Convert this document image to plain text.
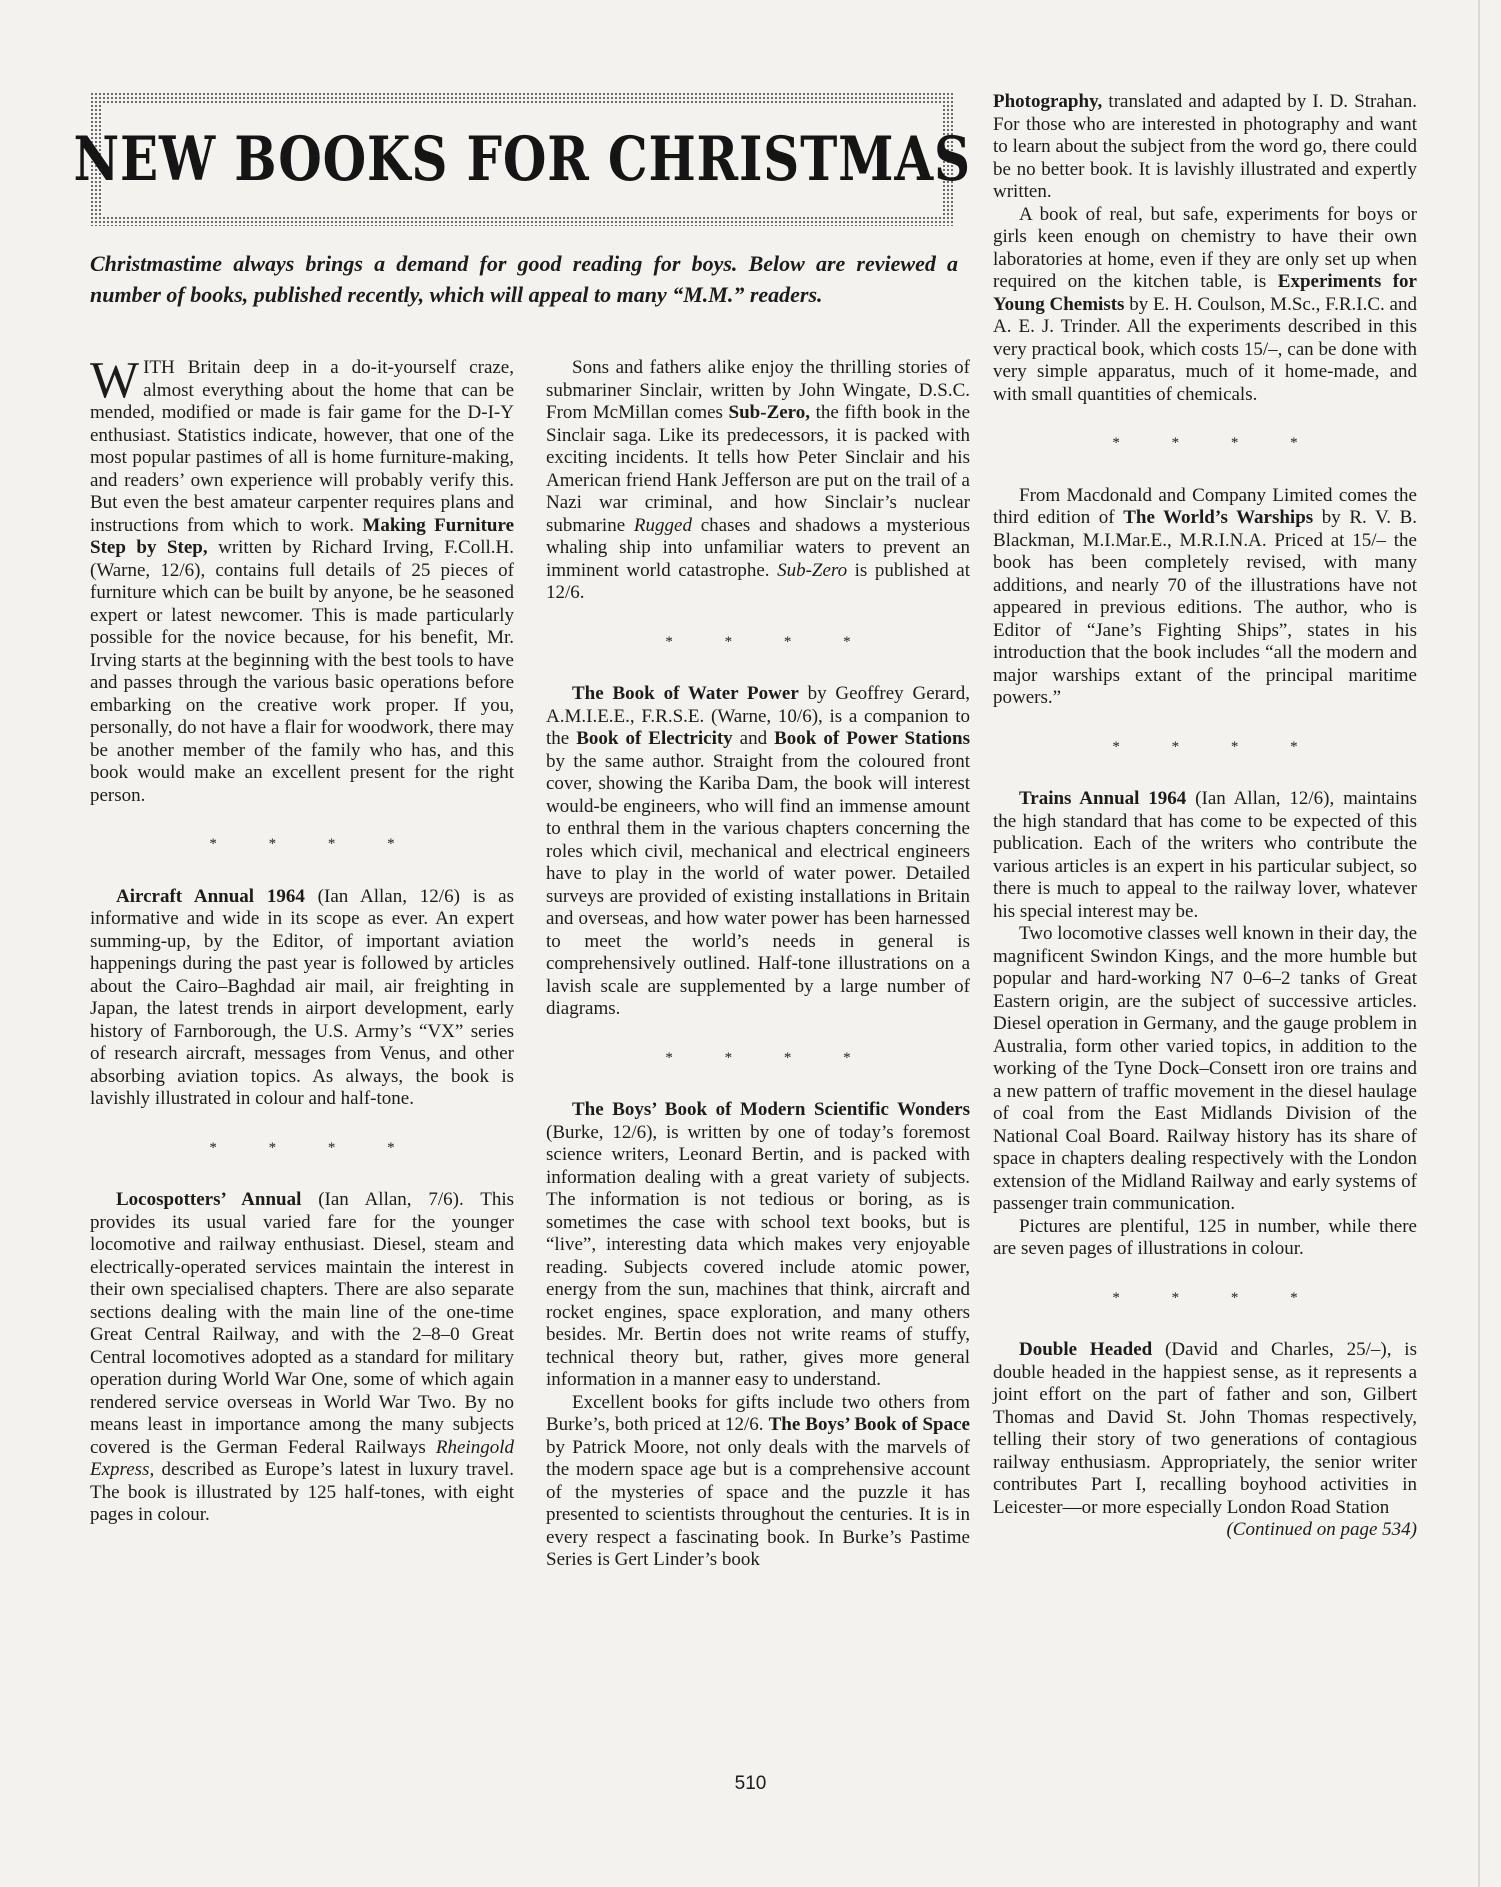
NEW BOOKS FOR CHRISTMAS
Christmastime always brings a demand for good reading for boys. Below are reviewed a number of books, published recently, which will appeal to many “M.M.” readers.

WITH Britain deep in a do-it-yourself craze, almost everything about the home that can be mended, modified or made is fair game for the D-I-Y enthusiast. Statistics indicate, however, that one of the most popular pastimes of all is home furniture-making, and readers’ own experience will probably verify this. But even the best amateur carpenter requires plans and instructions from which to work. Making Furniture Step by Step, written by Richard Irving, F.Coll.H. (Warne, 12/6), contains full details of 25 pieces of furniture which can be built by anyone, be he seasoned expert or latest newcomer. This is made particularly possible for the novice because, for his benefit, Mr. Irving starts at the beginning with the best tools to have and passes through the various basic operations before embarking on the creative work proper. If you, personally, do not have a flair for woodwork, there may be another member of the family who has, and this book would make an excellent present for the right person.

* * * *

Aircraft Annual 1964 (Ian Allan, 12/6) is as informative and wide in its scope as ever. An expert summing-up, by the Editor, of important aviation happenings during the past year is followed by articles about the Cairo–Baghdad air mail, air freighting in Japan, the latest trends in airport development, early history of Farnborough, the U.S. Army’s “VX” series of research aircraft, messages from Venus, and other absorbing aviation topics. As always, the book is lavishly illustrated in colour and half-tone.

* * * *

Locospotters’ Annual (Ian Allan, 7/6). This provides its usual varied fare for the younger locomotive and railway enthusiast. Diesel, steam and electrically-operated services maintain the interest in their own specialised chapters. There are also separate sections dealing with the main line of the one-time Great Central Railway, and with the 2–8–0 Great Central locomotives adopted as a standard for military operation during World War One, some of which again rendered service overseas in World War Two. By no means least in importance among the many subjects covered is the German Federal Railways Rheingold Express, described as Europe’s latest in luxury travel. The book is illustrated by 125 half-tones, with eight pages in colour.

Sons and fathers alike enjoy the thrilling stories of submariner Sinclair, written by John Wingate, D.S.C. From McMillan comes Sub-Zero, the fifth book in the Sinclair saga. Like its predecessors, it is packed with exciting incidents. It tells how Peter Sinclair and his American friend Hank Jefferson are put on the trail of a Nazi war criminal, and how Sinclair’s nuclear submarine Rugged chases and shadows a mysterious whaling ship into unfamiliar waters to prevent an imminent world catastrophe. Sub-Zero is published at 12/6.

* * * *

The Book of Water Power by Geoffrey Gerard, A.M.I.E.E., F.R.S.E. (Warne, 10/6), is a companion to the Book of Electricity and Book of Power Stations by the same author. Straight from the coloured front cover, showing the Kariba Dam, the book will interest would-be engineers, who will find an immense amount to enthral them in the various chapters concerning the roles which civil, mechanical and electrical engineers have to play in the world of water power. Detailed surveys are provided of existing installations in Britain and overseas, and how water power has been harnessed to meet the world’s needs in general is comprehensively outlined. Half-tone illustrations on a lavish scale are supplemented by a large number of diagrams.

* * * *

The Boys’ Book of Modern Scientific Wonders (Burke, 12/6), is written by one of today’s foremost science writers, Leonard Bertin, and is packed with information dealing with a great variety of subjects. The information is not tedious or boring, as is sometimes the case with school text books, but is “live”, interesting data which makes very enjoyable reading. Subjects covered include atomic power, energy from the sun, machines that think, aircraft and rocket engines, space exploration, and many others besides. Mr. Bertin does not write reams of stuffy, technical theory but, rather, gives more general information in a manner easy to understand.

Excellent books for gifts include two others from Burke’s, both priced at 12/6. The Boys’ Book of Space by Patrick Moore, not only deals with the marvels of the modern space age but is a comprehensive account of the mysteries of space and the puzzle it has presented to scientists throughout the centuries. It is in every respect a fascinating book. In Burke’s Pastime Series is Gert Linder’s book

Photography, translated and adapted by I. D. Strahan. For those who are interested in photography and want to learn about the subject from the word go, there could be no better book. It is lavishly illustrated and expertly written.

A book of real, but safe, experiments for boys or girls keen enough on chemistry to have their own laboratories at home, even if they are only set up when required on the kitchen table, is Experiments for Young Chemists by E. H. Coulson, M.Sc., F.R.I.C. and A. E. J. Trinder. All the experiments described in this very practical book, which costs 15/–, can be done with very simple apparatus, much of it home-made, and with small quantities of chemicals.

* * * *

From Macdonald and Company Limited comes the third edition of The World’s Warships by R. V. B. Blackman, M.I.Mar.E., M.R.I.N.A. Priced at 15/– the book has been completely revised, with many additions, and nearly 70 of the illustrations have not appeared in previous editions. The author, who is Editor of “Jane’s Fighting Ships”, states in his introduction that the book includes “all the modern and major warships extant of the principal maritime powers.”

* * * *

Trains Annual 1964 (Ian Allan, 12/6), maintains the high standard that has come to be expected of this publication. Each of the writers who contribute the various articles is an expert in his particular subject, so there is much to appeal to the railway lover, whatever his special interest may be.

Two locomotive classes well known in their day, the magnificent Swindon Kings, and the more humble but popular and hard-working N7 0–6–2 tanks of Great Eastern origin, are the subject of successive articles. Diesel operation in Germany, and the gauge problem in Australia, form other varied topics, in addition to the working of the Tyne Dock–Consett iron ore trains and a new pattern of traffic movement in the diesel haulage of coal from the East Midlands Division of the National Coal Board. Railway history has its share of space in chapters dealing respectively with the London extension of the Midland Railway and early systems of passenger train communication.

Pictures are plentiful, 125 in number, while there are seven pages of illustrations in colour.

* * * *

Double Headed (David and Charles, 25/–), is double headed in the happiest sense, as it represents a joint effort on the part of father and son, Gilbert Thomas and David St. John Thomas respectively, telling their story of two generations of contagious railway enthusiasm. Appropriately, the senior writer contributes Part I, recalling boyhood activities in Leicester—or more especially London Road Station

(Continued on page 534)
510
